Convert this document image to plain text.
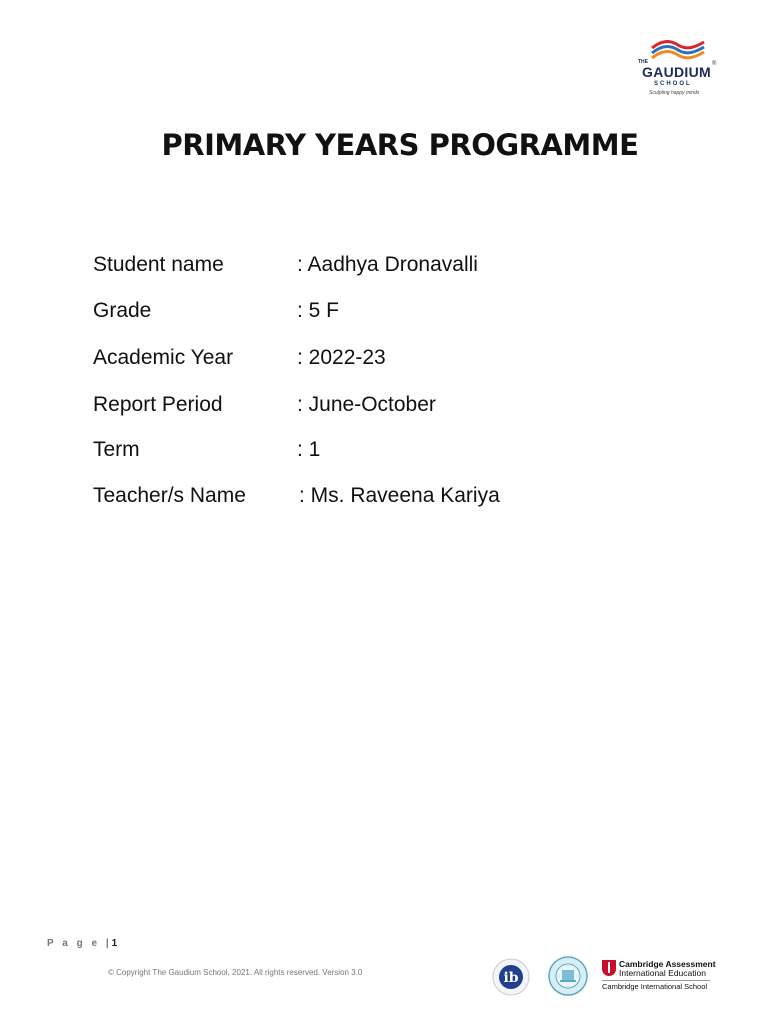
THE
GAUDIUM ®
SCHOOL
Sculpting happy minds
PRIMARY YEARS PROGRAMME
Student name	: Aadhya Dronavalli
Grade	: 5 F
Academic Year	: 2022-23
Report Period	: June-October
Term	: 1
Teacher/s Name	: Ms. Raveena Kariya
P a g e |1
© Copyright The Gaudium School, 2021. All rights reserved. Version 3.0	ib
Cambridge Assessment
International Education
Cambridge International School
